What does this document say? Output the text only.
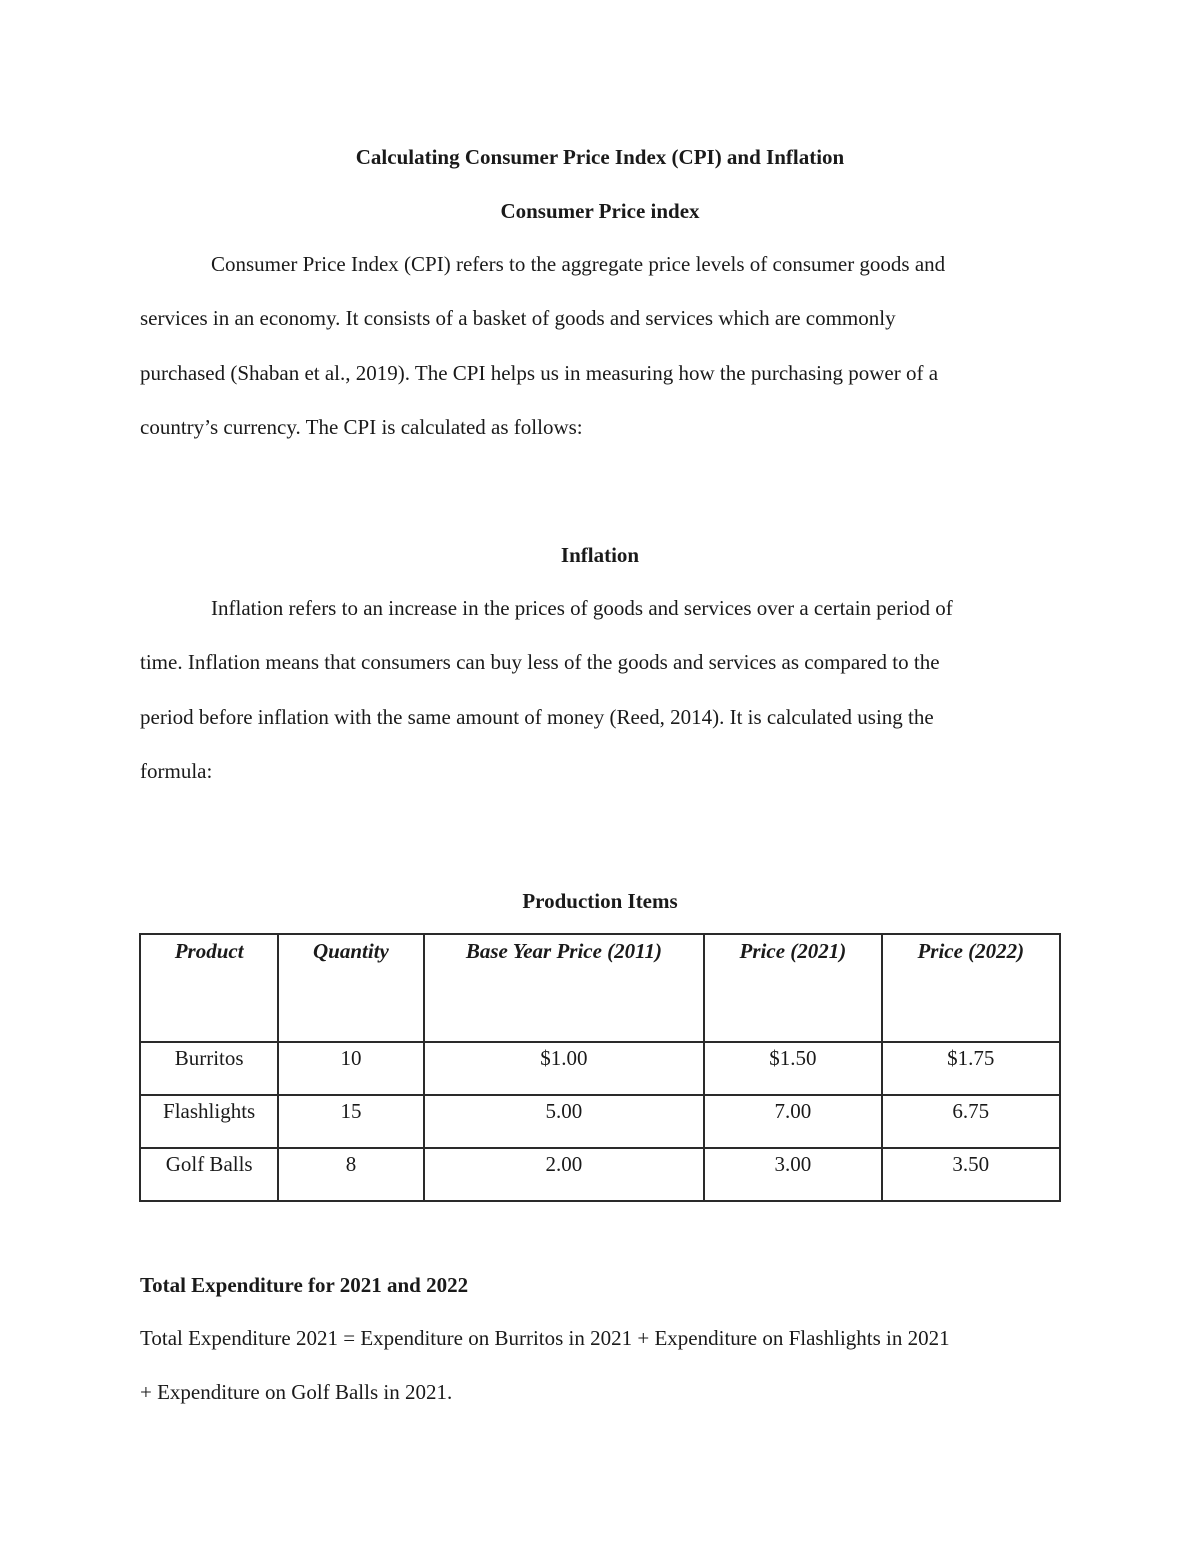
Calculating Consumer Price Index (CPI) and Inflation
Consumer Price index
Consumer Price Index (CPI) refers to the aggregate price levels of consumer goods and
services in an economy. It consists of a basket of goods and services which are commonly
purchased (Shaban et al., 2019). The CPI helps us in measuring how the purchasing power of a
country’s currency. The CPI is calculated as follows:
Inflation
Inflation refers to an increase in the prices of goods and services over a certain period of
time. Inflation means that consumers can buy less of the goods and services as compared to the
period before inflation with the same amount of money (Reed, 2014). It is calculated using the
formula:
Production Items
Product	Quantity	Base Year Price (2011)	Price (2021)	Price (2022)
Burritos	10	$1.00	$1.50	$1.75
Flashlights	15	5.00	7.00	6.75
Golf Balls	8	2.00	3.00	3.50
Total Expenditure for 2021 and 2022
Total Expenditure 2021 = Expenditure on Burritos in 2021 + Expenditure on Flashlights in 2021
+ Expenditure on Golf Balls in 2021.
